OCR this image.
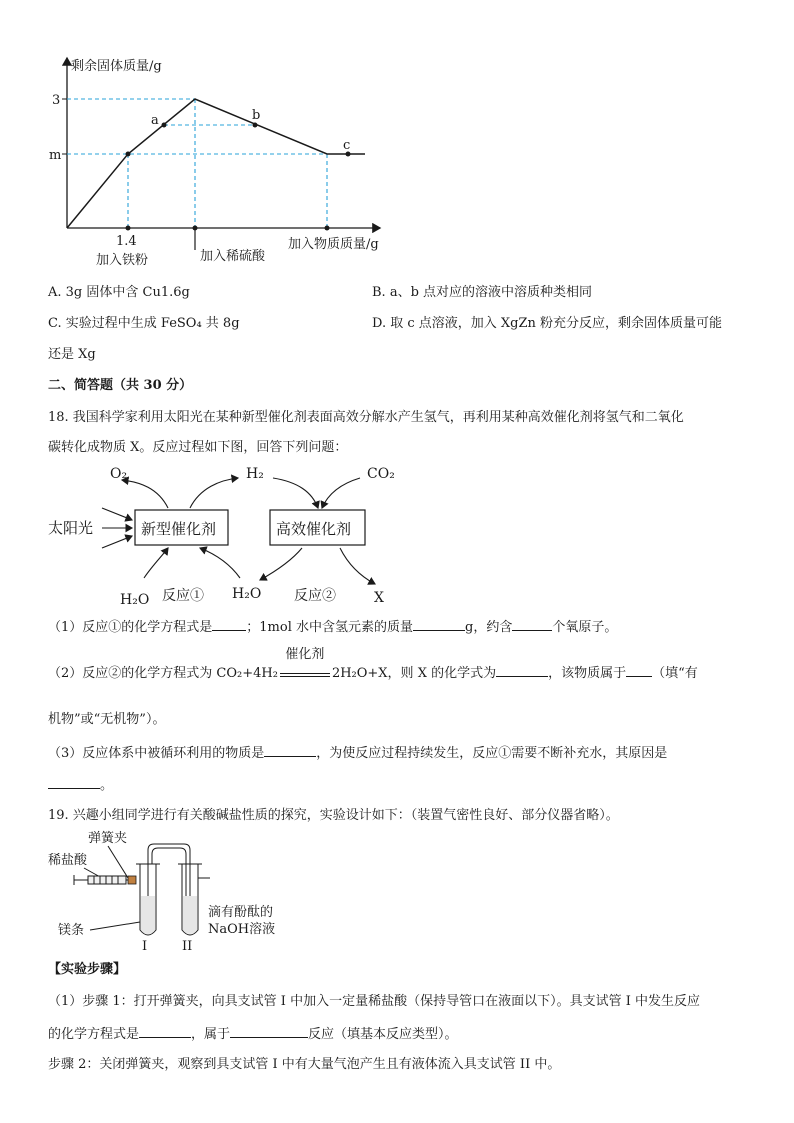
剩余固体质量/g
3
m
a	b
c
1.4
加入铁粉	加入稀硫酸
加入物质质量/g
A. 3g 固体中含 Cu1.6g	B. a、b 点对应的溶液中溶质种类相同
C. 实验过程中生成 FeSO₄ 共 8g	D. 取 c 点溶液，加入 XgZn 粉充分反应，剩余固体质量可能
还是 Xg
二、简答题（共 30 分）
18. 我国科学家利用太阳光在某种新型催化剂表面高效分解水产生氢气，再利用某种高效催化剂将氢气和二氧化
碳转化成物质 X。反应过程如下图，回答下列问题：
新型催化剂	高效催化剂
太阳光
O₂	H₂	CO₂
H₂O 反应① H₂O 反应②	X
（1）反应①的化学方程式是	；1mol 水中含氢元素的质量	g，约含	个氧原子。
（2）反应②的化学方程式为 CO₂+4H₂
催化剂
2H₂O+X，则 X 的化学式为	，该物质属于 （填“有
机物”或“无机物”）。
（3）反应体系中被循环利用的物质是	，为使反应过程持续发生，反应①需要不断补充水，其原因是
。
19. 兴趣小组同学进行有关酸碱盐性质的探究，实验设计如下：（装置气密性良好、部分仪器省略）。
弹簧夹
稀盐酸
镁条
I	II
滴有酚酞的
NaOH溶液
【实验步骤】
（1）步骤 1：打开弹簧夹，向具支试管 I 中加入一定量稀盐酸（保持导管口在液面以下）。具支试管 I 中发生反应
的化学方程式是	，属于	反应（填基本反应类型）。
步骤 2：关闭弹簧夹，观察到具支试管 I 中有大量气泡产生且有液体流入具支试管 II 中。
